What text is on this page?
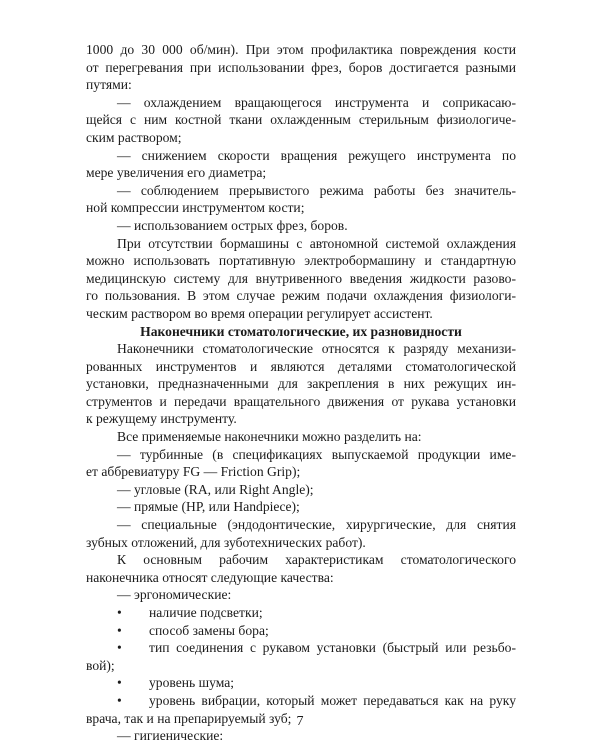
1000 до 30 000 об/мин). При этом профилактика повреждения кости
от перегревания при использовании фрез, боров достигается разными
путями:
— охлаждением вращающегося инструмента и соприкасаю-
щейся с ним костной ткани охлажденным стерильным физиологиче-
ским раствором;
— снижением скорости вращения режущего инструмента по
мере увеличения его диаметра;
— соблюдением прерывистого режима работы без значитель-
ной компрессии инструментом кости;
— использованием острых фрез, боров.
При отсутствии бормашины с автономной системой охлаждения
можно использовать портативную электробормашину и стандартную
медицинскую систему для внутривенного введения жидкости разово-
го пользования. В этом случае режим подачи охлаждения физиологи-
ческим раствором во время операции регулирует ассистент.
Наконечники стоматологические, их разновидности
Наконечники стоматологические относятся к разряду механизи-
рованных инструментов и являются деталями стоматологической
установки, предназначенными для закрепления в них режущих ин-
струментов и передачи вращательного движения от рукава установки
к режущему инструменту.
Все применяемые наконечники можно разделить на:
— турбинные (в спецификациях выпускаемой продукции име-
ет аббревиатуру FG — Friction Grip);
— угловые (RA, или Right Angle);
— прямые (HP, или Handpiece);
— специальные (эндодонтические, хирургические, для снятия
зубных отложений, для зуботехнических работ).
К основным рабочим характеристикам стоматологического
наконечника относят следующие качества:
— эргономические:
•	наличие подсветки;
•	способ замены бора;
•	тип соединения с рукавом установки (быстрый или резьбо-
вой);
•	уровень шума;
•	уровень вибрации, который может передаваться как на руку
врача, так и на препарируемый зуб;
— гигиенические:
7
